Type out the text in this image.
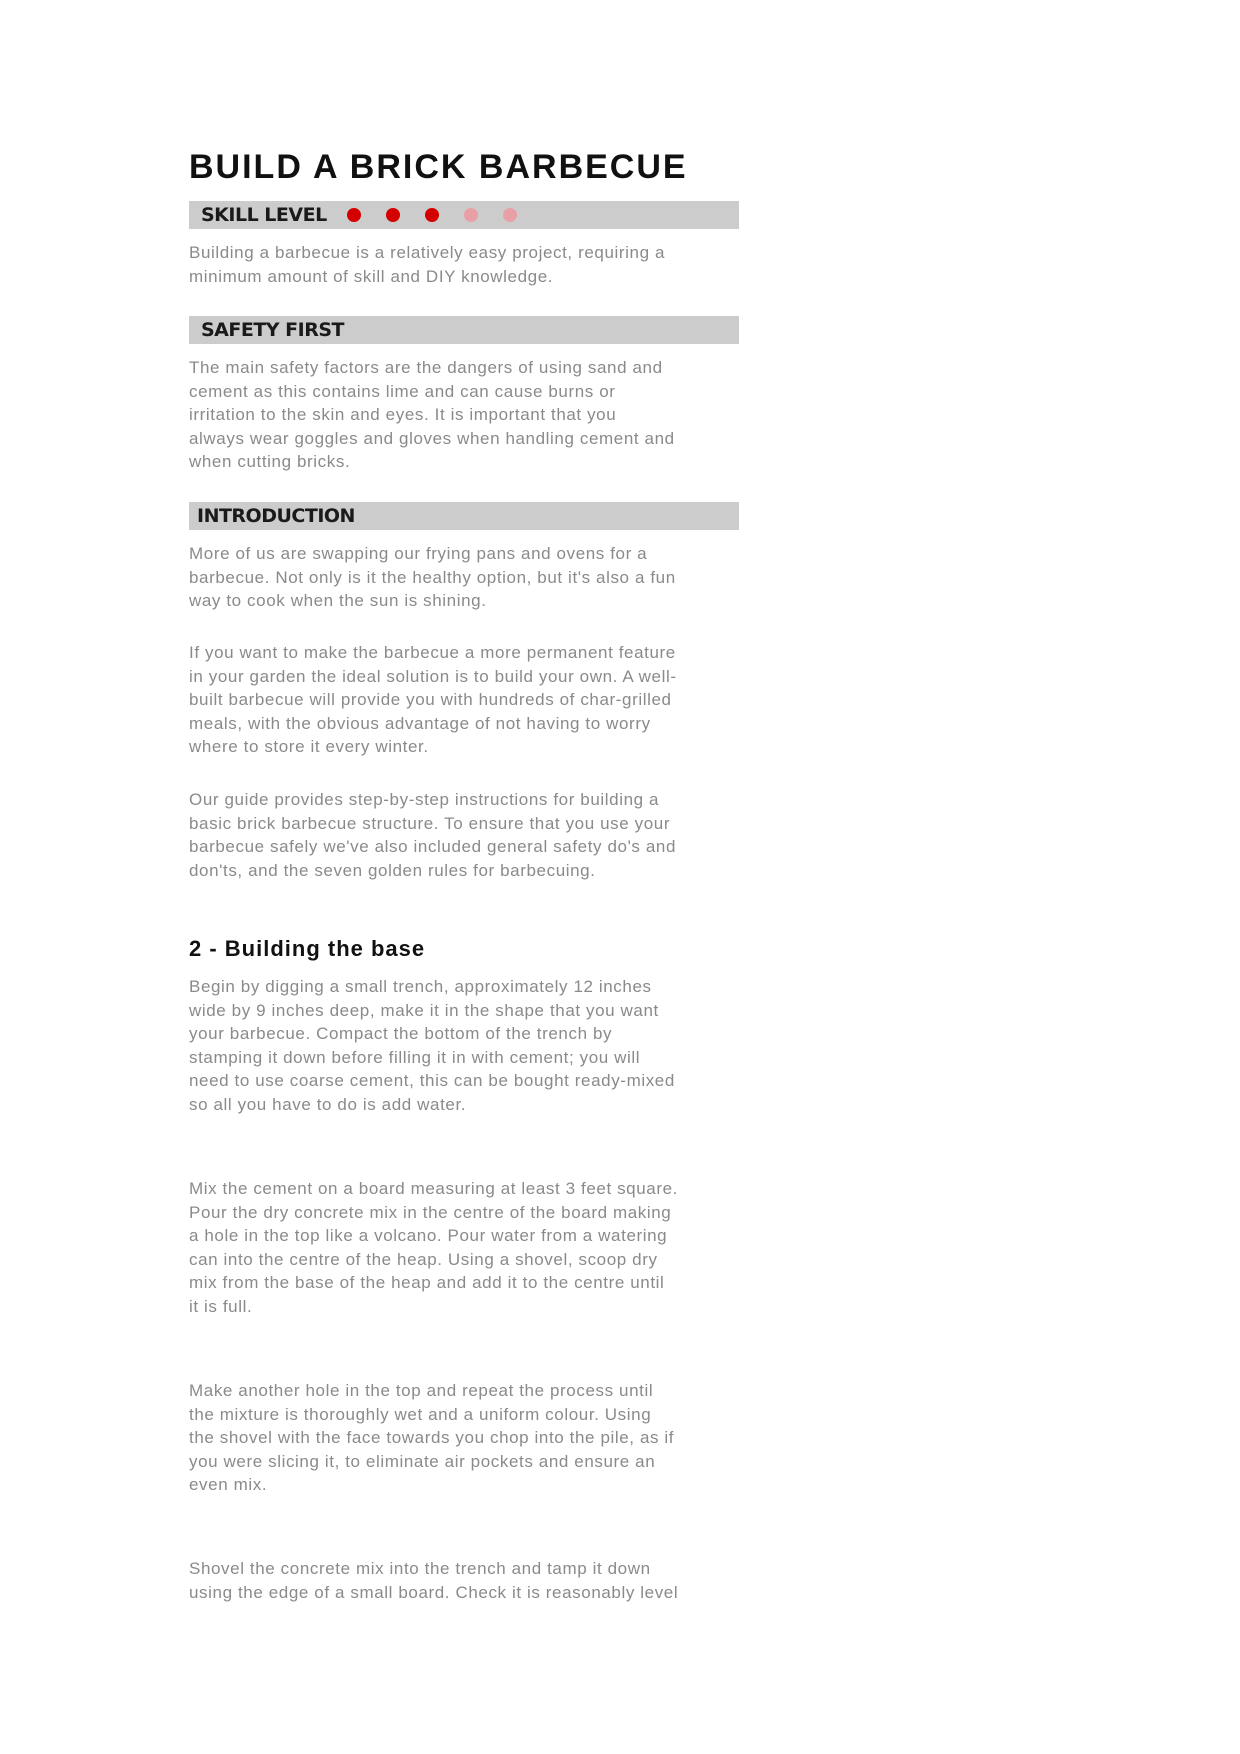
BUILD A BRICK BARBECUE
SKILL LEVEL

Building a barbecue is a relatively easy project, requiring a
minimum amount of skill and DIY knowledge.

SAFETY FIRST

The main safety factors are the dangers of using sand and
cement as this contains lime and can cause burns or
irritation to the skin and eyes. It is important that you
always wear goggles and gloves when handling cement and
when cutting bricks.

INTRODUCTION

More of us are swapping our frying pans and ovens for a
barbecue. Not only is it the healthy option, but it's also a fun
way to cook when the sun is shining.

If you want to make the barbecue a more permanent feature
in your garden the ideal solution is to build your own. A well-
built barbecue will provide you with hundreds of char-grilled
meals, with the obvious advantage of not having to worry
where to store it every winter.

Our guide provides step-by-step instructions for building a
basic brick barbecue structure. To ensure that you use your
barbecue safely we've also included general safety do's and
don'ts, and the seven golden rules for barbecuing.

2 - Building the base

Begin by digging a small trench, approximately 12 inches
wide by 9 inches deep, make it in the shape that you want
your barbecue. Compact the bottom of the trench by
stamping it down before filling it in with cement; you will
need to use coarse cement, this can be bought ready-mixed
so all you have to do is add water.

Mix the cement on a board measuring at least 3 feet square.
Pour the dry concrete mix in the centre of the board making
a hole in the top like a volcano. Pour water from a watering
can into the centre of the heap. Using a shovel, scoop dry
mix from the base of the heap and add it to the centre until
it is full.

Make another hole in the top and repeat the process until
the mixture is thoroughly wet and a uniform colour. Using
the shovel with the face towards you chop into the pile, as if
you were slicing it, to eliminate air pockets and ensure an
even mix.

Shovel the concrete mix into the trench and tamp it down
using the edge of a small board. Check it is reasonably level
